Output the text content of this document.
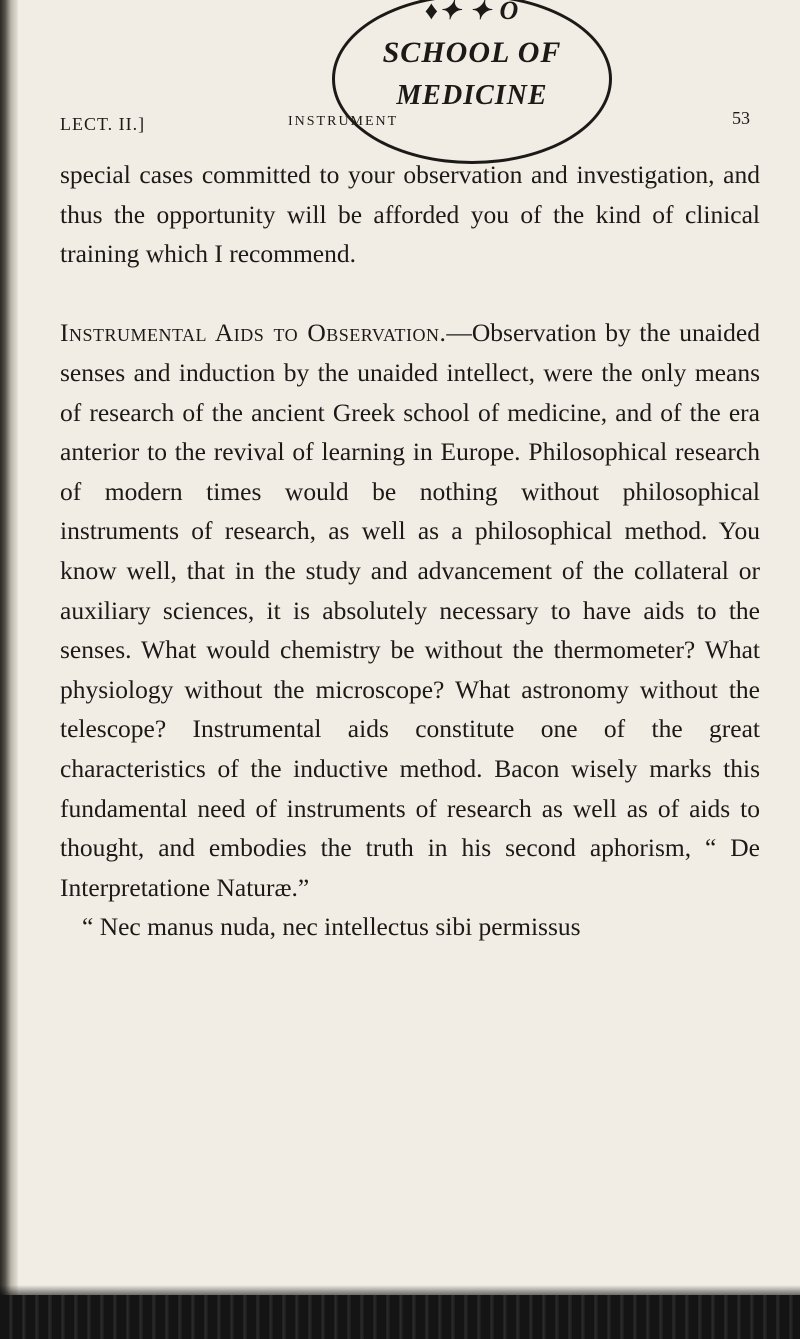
♦✦ ✦ O
SCHOOL OF
MEDICINE
LECT. II.]	INSTRUMENT	53

special cases committed to your observation and investigation, and thus the opportunity will be afforded you of the kind of clinical training which I recommend.

Instrumental Aids to Observation.—Observation by the unaided senses and induction by the unaided intellect, were the only means of research of the ancient Greek school of medicine, and of the era anterior to the revival of learning in Europe. Philosophical research of modern times would be nothing without philosophical instruments of research, as well as a philosophical method. You know well, that in the study and advancement of the collateral or auxiliary sciences, it is absolutely necessary to have aids to the senses. What would chemistry be without the thermometer? What physiology without the microscope? What astronomy without the telescope? Instrumental aids constitute one of the great characteristics of the inductive method. Bacon wisely marks this fundamental need of instruments of research as well as of aids to thought, and embodies the truth in his second aphorism, “ De Interpretatione Naturæ.”

“ Nec manus nuda, nec intellectus sibi permissus
